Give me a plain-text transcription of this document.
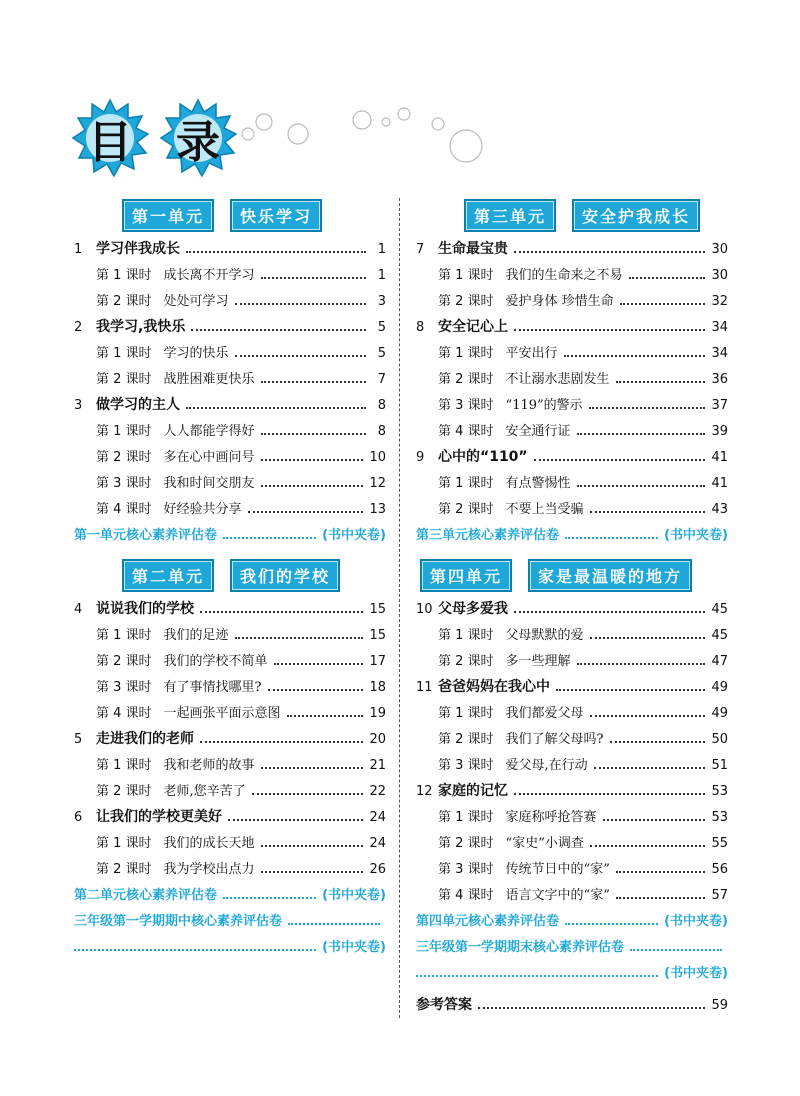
目	录
第一单元	快乐学习
1 学习伴我成长	1
第 1 课时 成长离不开学习	1
第 2 课时 处处可学习	3
2 我学习,我快乐	5
第 1 课时 学习的快乐	5
第 2 课时 战胜困难更快乐	7
3 做学习的主人	8
第 1 课时 人人都能学得好	8
第 2 课时 多在心中画问号	10
第 3 课时 我和时间交朋友	12
第 4 课时 好经验共分享	13
第一单元核心素养评估卷	(书中夹卷)
第二单元	我们的学校
4 说说我们的学校	15
第 1 课时 我们的足迹	15
第 2 课时 我们的学校不简单	17
第 3 课时 有了事情找哪里?	18
第 4 课时 一起画张平面示意图	19
5 走进我们的老师	20
第 1 课时 我和老师的故事	21
第 2 课时 老师,您辛苦了	22
6 让我们的学校更美好	24
第 1 课时 我们的成长天地	24
第 2 课时 我为学校出点力	26
第二单元核心素养评估卷	(书中夹卷)
三年级第一学期期中核心素养评估卷
(书中夹卷)
第三单元	安全护我成长
7 生命最宝贵	30
第 1 课时 我们的生命来之不易	30
第 2 课时 爱护身体 珍惜生命	32
8 安全记心上	34
第 1 课时 平安出行	34
第 2 课时 不让溺水悲剧发生	36
第 3 课时 “119”的警示	37
第 4 课时 安全通行证	39
9 心中的“110”	41
第 1 课时 有点警惕性	41
第 2 课时 不要上当受骗	43
第三单元核心素养评估卷	(书中夹卷)
第四单元	家是最温暖的地方
10 父母多爱我	45
第 1 课时 父母默默的爱	45
第 2 课时 多一些理解	47
11 爸爸妈妈在我心中	49
第 1 课时 我们都爱父母	49
第 2 课时 我们了解父母吗?	50
第 3 课时 爱父母,在行动	51
12 家庭的记忆	53
第 1 课时 家庭称呼抢答赛	53
第 2 课时 “家史”小调查	55
第 3 课时 传统节日中的“家”	56
第 4 课时 语言文字中的“家”	57
第四单元核心素养评估卷	(书中夹卷)
三年级第一学期期末核心素养评估卷
(书中夹卷)
参考答案	59
